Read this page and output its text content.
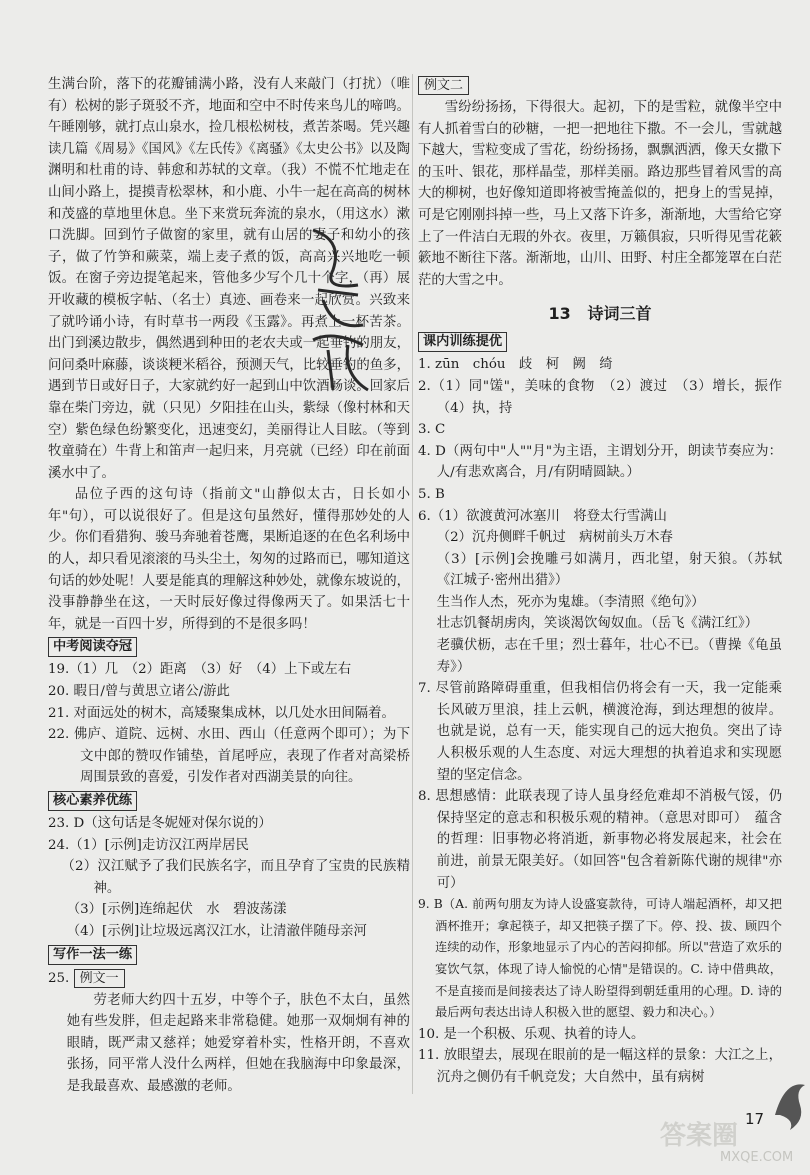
生满台阶，落下的花瓣铺满小路，没有人来敲门（打扰）（唯有）松树的影子斑驳不齐，地面和空中不时传来鸟儿的啼鸣。午睡刚够，就打点山泉水，捡几根松树枝，煮苦茶喝。凭兴趣读几篇《周易》《国风》《左氏传》《离骚》《太史公书》以及陶渊明和杜甫的诗、韩愈和苏轼的文章。（我）不慌不忙地走在山间小路上，提摸青松翠林，和小鹿、小牛一起在高高的树林和茂盛的草地里休息。坐下来赏玩奔流的泉水，（用这水）漱口洗脚。回到竹子做窗的家里，就有山居的妻子和幼小的孩子，做了竹笋和蕨菜，端上麦子煮的饭，高高兴兴地吃一顿饭。在窗子旁边提笔起来，管他多少写个几十个字，（再）展开收藏的模板字帖、（名士）真迹、画卷来一起欣赏。兴致来了就吟诵小诗，有时草书一两段《玉露》。再煮上一杯苦茶。出门到溪边散步，偶然遇到种田的老农夫或一起垂钓的朋友，问问桑叶麻藤，谈谈粳米稻谷，预测天气，比较垂钓的鱼多，遇到节日或好日子，大家就约好一起到山中饮酒畅谈。回家后靠在柴门旁边，就（只见）夕阳挂在山头，紫绿（像村林和天空）紫色绿色纷繁变化，迅速变幻，美丽得让人目眩。（等到牧童骑在）牛背上和笛声一起归来，月亮就（已经）印在前面溪水中了。

品位子西的这句诗（指前文"山静似太古，日长如小年"句），可以说很好了。但是这句虽然好，懂得那妙处的人少。你们看猎狗、骏马奔驰着苍鹰，果断追逐的在色名利场中的人，却只看见滚滚的马头尘土，匆匆的过路而已，哪知道这句话的妙处呢！人要是能真的理解这种妙处，就像东坡说的，没事静静坐在这，一天时辰好像过得像两天了。如果活七十年，就是一百四十岁，所得到的不是很多吗！

中考阅读夺冠

19.（1）几　（2）距离　（3）好　（4）上下或左右

20. 暇日/曾与黄思立诸公/游此

21. 对面远处的树木，高矮聚集成林，以几处水田间隔着。

22. 佛庐、道院、远树、水田、西山（任意两个即可）；为下文中郎的赞叹作铺垫，首尾呼应，表现了作者对高梁桥周围景致的喜爱，引发作者对西湖美景的向往。

核心素养优练

23. D（这句话是冬妮娅对保尔说的）

24.（1）[示例]走访汉江两岸居民

（2）汉江赋予了我们民族名字，而且孕育了宝贵的民族精神。

（3）[示例]连绵起伏　水　碧波荡漾

（4）[示例]让垃圾远离汉江水，让清澈伴随母亲河

写作一法一练

25. 例文一

劳老师大约四十五岁，中等个子，肤色不太白，虽然她有些发胖，但走起路来非常稳健。她那一双炯炯有神的眼睛，既严肃又慈祥；她爱穿着朴实，性格开朗，不喜欢张扬，同平常人没什么两样，但她在我脑海中印象最深，是我最喜欢、最感激的老师。

例文二

雪纷纷扬扬，下得很大。起初，下的是雪粒，就像半空中有人抓着雪白的砂糖，一把一把地往下撒。不一会儿，雪就越下越大，雪粒变成了雪花，纷纷扬扬，飘飘洒洒，像天女撒下的玉叶、银花，那样晶莹，那样美丽。路边那些冒着风雪的高大的柳树，也好像知道即将被雪掩盖似的，把身上的雪晃掉，可是它刚刚抖掉一些，马上又落下许多，渐渐地，大雪给它穿上了一件洁白无瑕的外衣。夜里，万籁俱寂，只听得见雪花簌簌地不断往下落。渐渐地，山川、田野、村庄全都笼罩在白茫茫的大雪之中。

13 诗词三首
课内训练提优

1. zūn　chóu　歧　柯　阙　绮

2.（1）同"馐"，美味的食物　（2）渡过　（3）增长，振作　（4）执，持

3. C

4. D（两句中"人""月"为主语，主谓划分开，朗读节奏应为：人/有悲欢离合，月/有阴晴圆缺。）

5. B

6.（1）欲渡黄河冰塞川　将登太行雪满山

（2）沉舟侧畔千帆过　病树前头万木春

（3）[示例]会挽雕弓如满月，西北望，射天狼。（苏轼《江城子·密州出猎》）

生当作人杰，死亦为鬼雄。（李清照《绝句》）

壮志饥餐胡虏肉，笑谈渴饮匈奴血。（岳飞《满江红》）

老骥伏枥，志在千里；烈士暮年，壮心不已。（曹操《龟虽寿》）

7. 尽管前路障碍重重，但我相信仍将会有一天，我一定能乘长风破万里浪，挂上云帆，横渡沧海，到达理想的彼岸。也就是说，总有一天，能实现自己的远大抱负。突出了诗人积极乐观的人生态度、对远大理想的执着追求和实现愿望的坚定信念。

8. 思想感情：此联表现了诗人虽身经危难却不消极气馁，仍保持坚定的意志和积极乐观的精神。（意思对即可）　蕴含的哲理：旧事物必将消逝，新事物必将发展起来，社会在前进，前景无限美好。（如回答"包含着新陈代谢的规律"亦可）

9. B（A. 前两句朋友为诗人设盛宴款待，可诗人端起酒杯，却又把酒杯推开；拿起筷子，却又把筷子摆了下。停、投、拔、顾四个连续的动作，形象地显示了内心的苦闷抑郁。所以"营造了欢乐的宴饮气氛，体现了诗人愉悦的心情"是错误的。C. 诗中借典故，不是直接而是间接表达了诗人盼望得到朝廷重用的心理。D. 诗的最后两句表达出诗人积极入世的愿望、毅力和决心。）

10. 是一个积极、乐观、执着的诗人。

11. 放眼望去，展现在眼前的是一幅这样的景象：大江之上，沉舟之侧仍有千帆竞发；大自然中，虽有病树

17
答案圈
MXQE.COM
